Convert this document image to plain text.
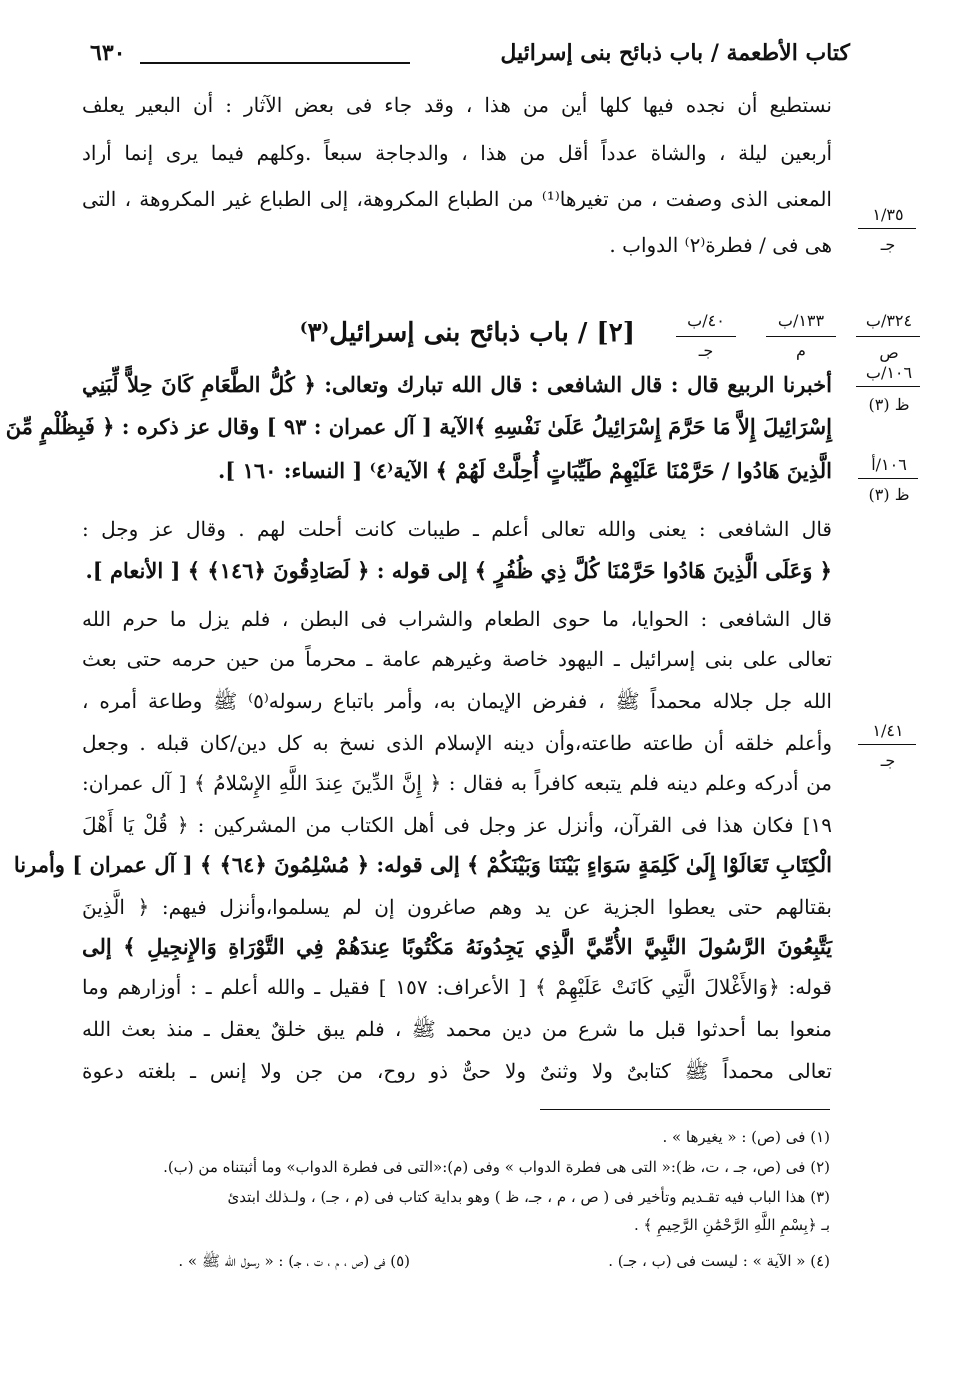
٦٣٠	كتاب الأطعمة / باب ذبائح بنى إسرائيل
نستطيع أن نجده فيها كلها أين من هذا ، وقد جاء فى بعض الآثار : أن البعير يعلف
أربعين ليلة ، والشاة عدداً أقل من هذا ، والدجاجة سبعاً .وكلهم فيما يرى إنما أراد
المعنى الذى وصفت ، من تغيرها⁽¹⁾ من الطباع المكروهة، إلى الطباع غير المكروهة ، التى
هى فى / فطرة⁽٢⁾ الدواب .
١/٣٥
جـ
[٢] / باب ذبائح بنى إسرائيل⁽٣⁾	٤٠/ب
جـ
١٣٣/ب
م
٣٢٤/ب
ص
١٠٦/ب
ظ (٣)
أخبرنا الربيع قال : قال الشافعى : قال الله تبارك وتعالى: ﴿ كُلُّ الطَّعَامِ كَانَ حِلاًّ لِّبَنِي
إِسْرَائِيلَ إِلاَّ مَا حَرَّمَ إِسْرَائِيلُ عَلَىٰ نَفْسِهِ ﴾الآية [ آل عمران : ٩٣ ] وقال عز ذكره : ﴿ فَبِظُلْمٍ مِّنَ
الَّذِينَ هَادُوا / حَرَّمْنَا عَلَيْهِمْ طَيِّبَاتٍ أُحِلَّتْ لَهُمْ ﴾ الآية⁽٤⁾ [ النساء: ١٦٠ ].	١٠٦/أ
ظ (٣)
قال الشافعى : يعنى والله تعالى أعلم ـ طيبات كانت أحلت لهم . وقال عز وجل :
﴿ وَعَلَى الَّذِينَ هَادُوا حَرَّمْنَا كُلَّ ذِي ظُفُرٍ ﴾ إلى قوله : ﴿ لَصَادِقُونَ ﴿١٤٦﴾ ﴾ [ الأنعام ].
قال الشافعى : الحوايا، ما حوى الطعام والشراب فى البطن ، فلم يزل ما حرم الله
تعالى على بنى إسرائيل ـ اليهود خاصة وغيرهم عامة ـ محرماً من حين حرمه حتى بعث
الله جل جلاله محمداً ﷺ ، ففرض الإيمان به، وأمر باتباع رسوله⁽٥⁾ ﷺ وطاعة أمره ،
وأعلم خلقه أن طاعته طاعته،وأن دينه الإسلام الذى نسخ به كل دين/كان قبله . وجعل
من أدركه وعلم دينه فلم يتبعه كافراً به فقال : ﴿ إِنَّ الدِّينَ عِندَ اللَّهِ الإِسْلامُ ﴾ [ آل عمران:
١٩] فكان هذا فى القرآن، وأنزل عز وجل فى أهل الكتاب من المشركين : ﴿ قُلْ يَا أَهْلَ
الْكِتَابِ تَعَالَوْا إِلَىٰ كَلِمَةٍ سَوَاءٍ بَيْنَنَا وَبَيْنَكُمْ ﴾ إلى قوله: ﴿ مُسْلِمُونَ ﴿٦٤﴾ ﴾ [ آل عمران ] وأمرنا
بقتالهم حتى يعطوا الجزية عن يد وهم صاغرون إن لم يسلموا،وأنزل فيهم: ﴿ الَّذِينَ
يَتَّبِعُونَ الرَّسُولَ النَّبِيَّ الأُمِّيَّ الَّذِي يَجِدُونَهُ مَكْتُوبًا عِندَهُمْ فِي التَّوْرَاةِ وَالإِنجِيلِ ﴾ إلى
قوله: ﴿وَالأَغْلالَ الَّتِي كَانَتْ عَلَيْهِمْ ﴾ [ الأعراف: ١٥٧ ] فقيل ـ والله أعلم ـ : أوزارهم وما
منعوا بما أحدثوا قبل ما شرع من دين محمد ﷺ ، فلم يبق خلقٌ يعقل ـ منذ بعث الله
تعالى محمداً ﷺ كتابىٌ ولا وثنىٌ ولا حىٌّ ذو روح، من جن ولا إنس ـ بلغته دعوة
١/٤١
جـ
(١) فى (ص) : « يغيرها » .
(٢) فى (ص، جـ ، ت، ظ):« التى هى فطرة الدواب » وفى (م):«التى فى فطرة الدواب» وما أثبتناه من (ب).
(٣) هذا الباب فيه تقـديم وتأخير فى ( ص ، م ، جـ، ظ ) وهو بداية كتاب فى (م ، جـ) ، ولـذلك ابتدئ
بـ ﴿بِسْمِ اللَّهِ الرَّحْمَٰنِ الرَّحِيمِ ﴾ .
(٤) « الآية » : ليست فى (ب ، جـ) .
(٥) فى (ص ، م ، ت ، جـ) : « رسول الله ﷺ » .
